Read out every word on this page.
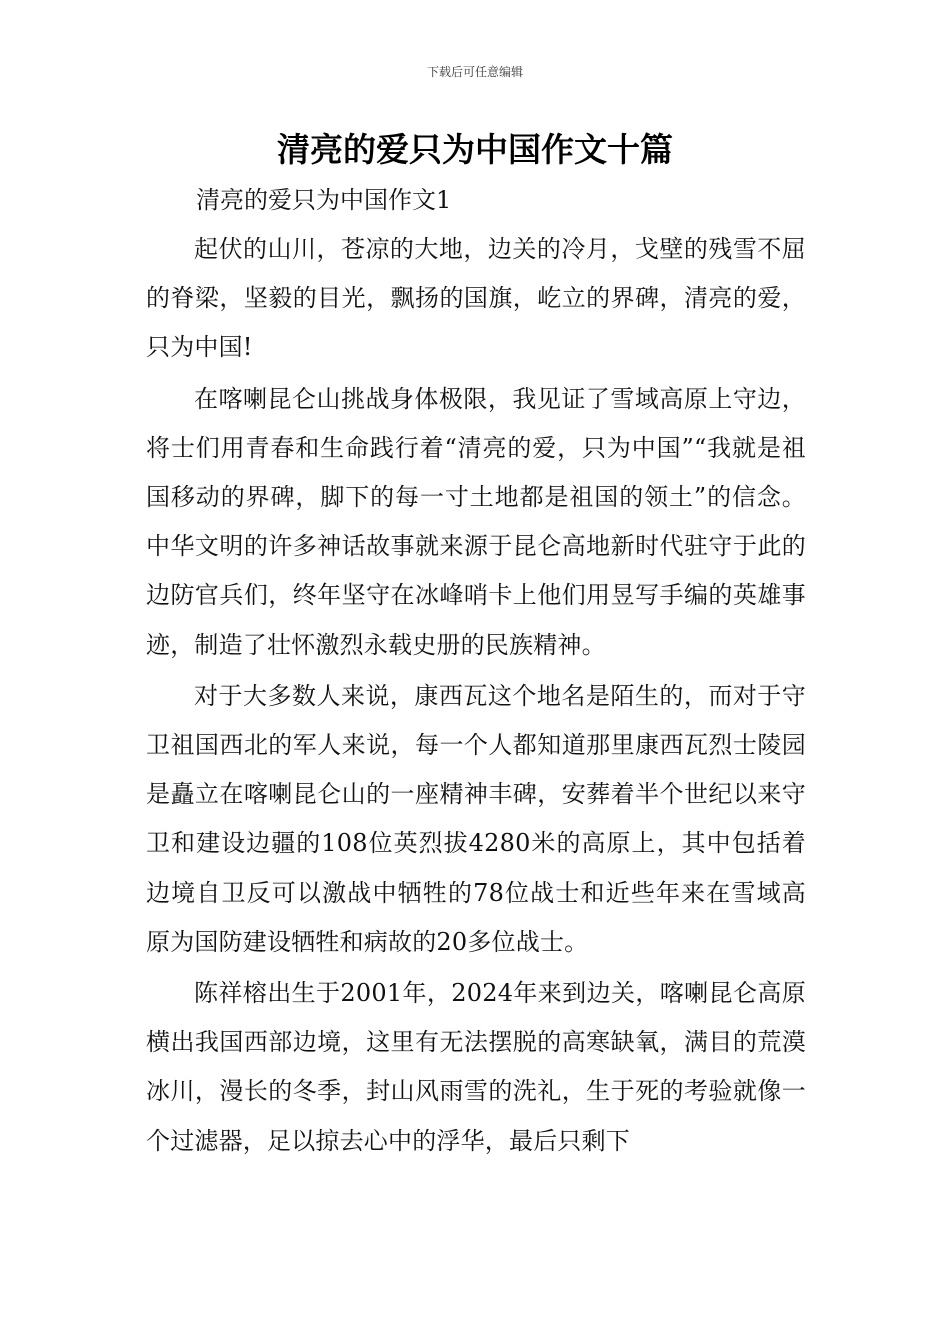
下载后可任意编辑
清亮的爱只为中国作文十篇
清亮的爱只为中国作文1

起伏的山川，苍凉的大地，边关的冷月，戈壁的残雪不屈的脊梁，坚毅的目光，飘扬的国旗，屹立的界碑，清亮的爱，只为中国!

在喀喇昆仑山挑战身体极限，我见证了雪域高原上守边，将士们用青春和生命践行着“清亮的爱，只为中国”“我就是祖国移动的界碑，脚下的每一寸土地都是祖国的领土”的信念。中华文明的许多神话故事就来源于昆仑高地新时代驻守于此的边防官兵们，终年坚守在冰峰哨卡上他们用昱写手编的英雄事迹，制造了壮怀激烈永载史册的民族精神。

对于大多数人来说，康西瓦这个地名是陌生的，而对于守卫祖国西北的军人来说，每一个人都知道那里康西瓦烈士陵园是矗立在喀喇昆仑山的一座精神丰碑，安葬着半个世纪以来守卫和建设边疆的108位英烈拔4280米的高原上，其中包括着边境自卫反可以激战中牺牲的78位战士和近些年来在雪域高原为国防建设牺牲和病故的20多位战士。

陈祥榕出生于2001年，2024年来到边关，喀喇昆仑高原横出我国西部边境，这里有无法摆脱的高寒缺氧，满目的荒漠冰川，漫长的冬季，封山风雨雪的洗礼，生于死的考验就像一个过滤器，足以掠去心中的浮华，最后只剩下
